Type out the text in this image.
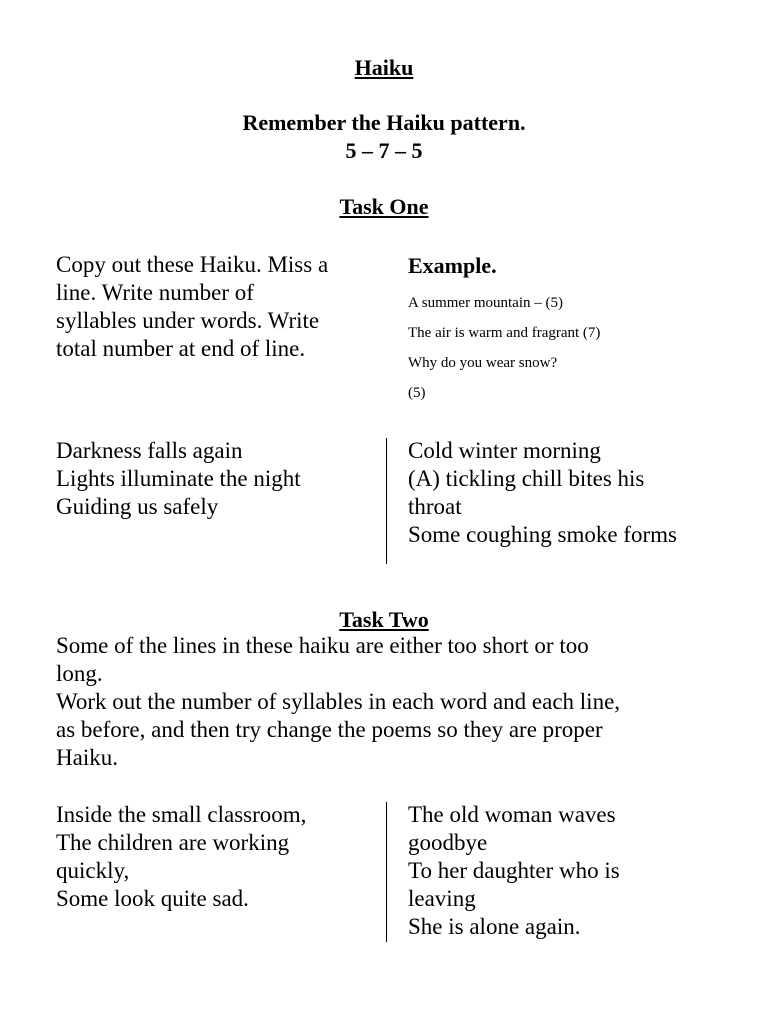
Haiku
Remember the Haiku pattern.
5 – 7 – 5
Task One
Copy out these Haiku. Miss a
line. Write number of
syllables under words. Write
total number at end of line.
Example.
A summer mountain – (5)
The air is warm and fragrant (7)
Why do you wear snow?
(5)
Darkness falls again
Lights illuminate the night
Guiding us safely
Cold winter morning
(A) tickling chill bites his
throat
Some coughing smoke forms
Task Two
Some of the lines in these haiku are either too short or too
long.
Work out the number of syllables in each word and each line,
as before, and then try change the poems so they are proper
Haiku.
Inside the small classroom,
The children are working
quickly,
Some look quite sad.
The old woman waves
goodbye
To her daughter who is
leaving
She is alone again.
